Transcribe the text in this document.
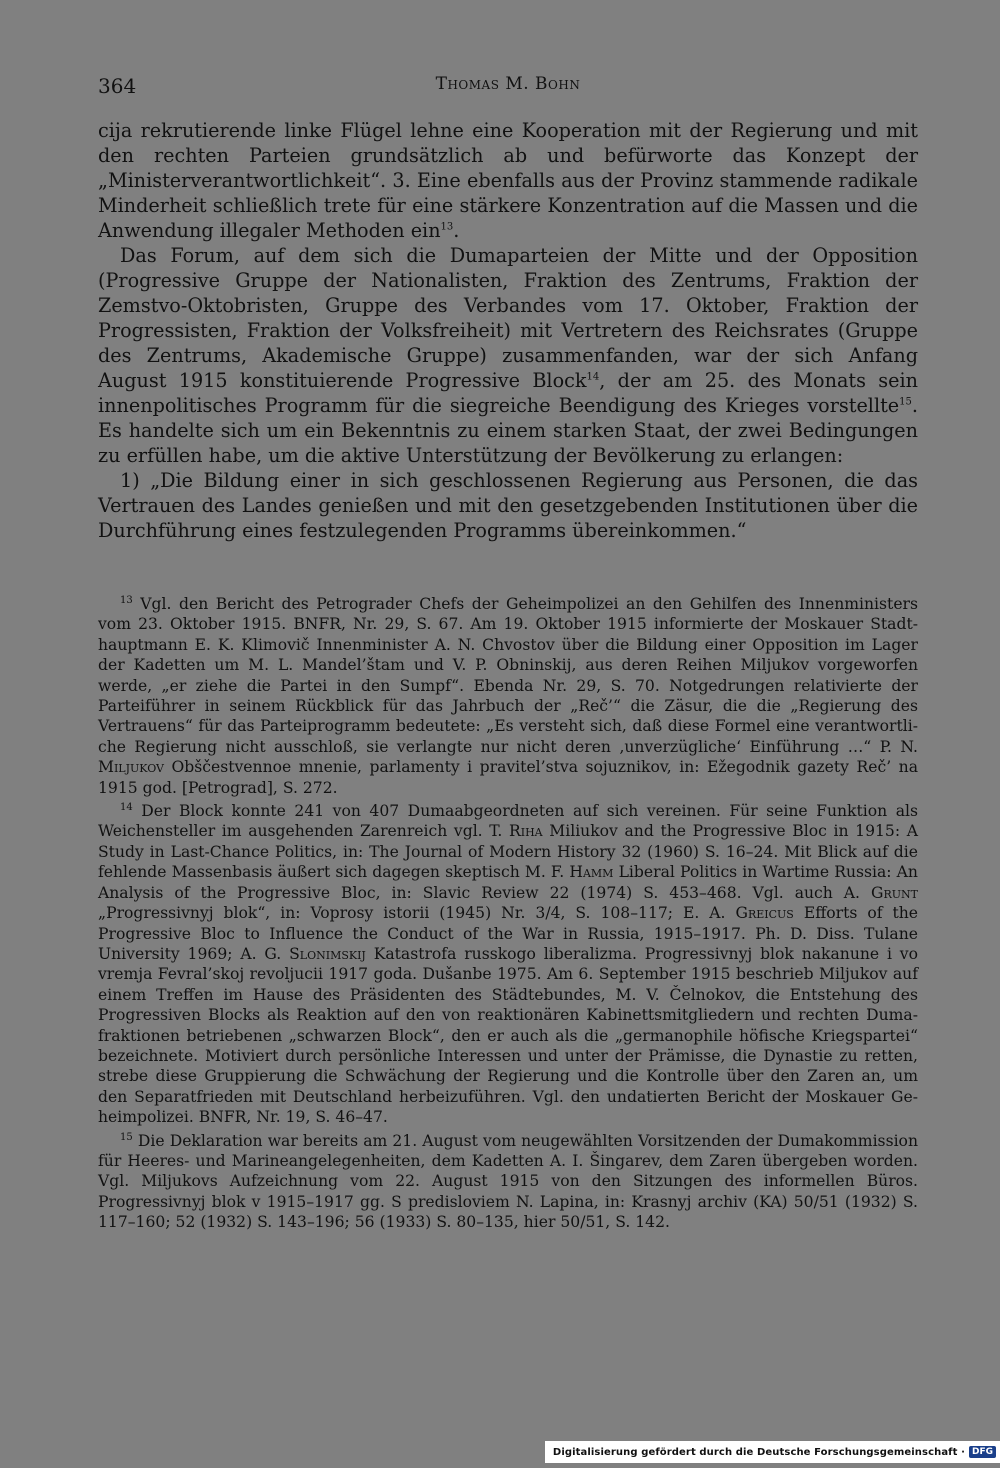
364	Thomas M. Bohn

cija rekrutierende linke Flügel lehne eine Kooperation mit der Regierung und mit den rechten Parteien grundsätzlich ab und befürworte das Konzept der „Ministerverantwortlichkeit“. 3. Eine ebenfalls aus der Provinz stammende radikale Minderheit schließlich trete für eine stärkere Konzentration auf die Massen und die Anwendung illegaler Methoden ein$^{13}$.

Das Forum, auf dem sich die Dumaparteien der Mitte und der Opposition (Progressive Gruppe der Nationalisten, Fraktion des Zentrums, Fraktion der Zemstvo-Oktobristen, Gruppe des Verbandes vom 17. Oktober, Fraktion der Progressisten, Fraktion der Volksfreiheit) mit Vertretern des Reichsrates (Gruppe des Zentrums, Akademische Gruppe) zusammenfanden, war der sich Anfang August 1915 konstituierende Progressive Block$^{14}$, der am 25. des Monats sein innenpolitisches Programm für die siegreiche Beendigung des Krieges vorstellte$^{15}$. Es handelte sich um ein Bekenntnis zu einem starken Staat, der zwei Bedingungen zu erfüllen habe, um die aktive Unterstützung der Bevölkerung zu erlangen:

1) „Die Bildung einer in sich geschlossenen Regierung aus Personen, die das Vertrauen des Landes genießen und mit den gesetzgebenden Institutionen über die Durchführung eines festzulegenden Programms übereinkommen.“

$^{13}$ Vgl. den Bericht des Petrograder Chefs der Geheimpolizei an den Gehilfen des Innenministers vom 23. Oktober 1915. BNFR, Nr. 29, S. 67. Am 19. Oktober 1915 informierte der Moskauer Stadthauptmann E. K. Klimovič Innenminister A. N. Chvostov über die Bildung einer Opposition im Lager der Kadetten um M. L. Mandel’štam und V. P. Obninskij, aus deren Reihen Miljukov vorgeworfen werde, „er ziehe die Partei in den Sumpf“. Ebenda Nr. 29, S. 70. Notgedrungen relativierte der Parteiführer in seinem Rückblick für das Jahrbuch der „Reč’“ die Zäsur, die die „Regierung des Vertrauens“ für das Parteiprogramm bedeutete: „Es versteht sich, daß diese Formel eine verantwortliche Regierung nicht ausschloß, sie verlangte nur nicht deren ‚unverzügliche‘ Einführung …“ P. N. Miljukov Obščestvennoe mnenie, parlamenty i pravitel’stva sojuznikov, in: Ežegodnik gazety Reč’ na 1915 god. [Petrograd], S. 272.

$^{14}$ Der Block konnte 241 von 407 Dumaabgeordneten auf sich vereinen. Für seine Funktion als Weichensteller im ausgehenden Zarenreich vgl. T. Riha Miliukov and the Progressive Bloc in 1915: A Study in Last-Chance Politics, in: The Journal of Modern History 32 (1960) S. 16–24. Mit Blick auf die fehlende Massenbasis äußert sich dagegen skeptisch M. F. Hamm Liberal Politics in Wartime Russia: An Analysis of the Progressive Bloc, in: Slavic Review 22 (1974) S. 453–468. Vgl. auch A. Grunt „Progressivnyj blok“, in: Voprosy istorii (1945) Nr. 3/4, S. 108–117; E. A. Greicus Efforts of the Progressive Bloc to Influence the Conduct of the War in Russia, 1915–1917. Ph. D. Diss. Tulane University 1969; A. G. Slonimskij Katastrofa russkogo liberalizma. Progressivnyj blok nakanune i vo vremja Fevral’skoj revoljucii 1917 goda. Dušanbe 1975. Am 6. September 1915 beschrieb Miljukov auf einem Treffen im Hause des Präsidenten des Städtebundes, M. V. Čelnokov, die Entstehung des Progressiven Blocks als Reaktion auf den von reaktionären Kabinettsmitgliedern und rechten Dumafraktionen betriebenen „schwarzen Block“, den er auch als die „germanophile höfische Kriegspartei“ bezeichnete. Motiviert durch persönliche Interessen und unter der Prämisse, die Dynastie zu retten, strebe diese Gruppierung die Schwächung der Regierung und die Kontrolle über den Zaren an, um den Separatfrieden mit Deutschland herbeizuführen. Vgl. den undatierten Bericht der Moskauer Geheimpolizei. BNFR, Nr. 19, S. 46–47.

$^{15}$ Die Deklaration war bereits am 21. August vom neugewählten Vorsitzenden der Dumakommission für Heeres- und Marineangelegenheiten, dem Kadetten A. I. Šingarev, dem Zaren übergeben worden. Vgl. Miljukovs Aufzeichnung vom 22. August 1915 von den Sitzungen des informellen Büros. Progressivnyj blok v 1915–1917 gg. S predisloviem N. Lapina, in: Krasnyj archiv (KA) 50/51 (1932) S. 117–160; 52 (1932) S. 143–196; 56 (1933) S. 80–135, hier 50/51, S. 142.

Digitalisierung gefördert durch die Deutsche Forschungsgemeinschaft · DFG
